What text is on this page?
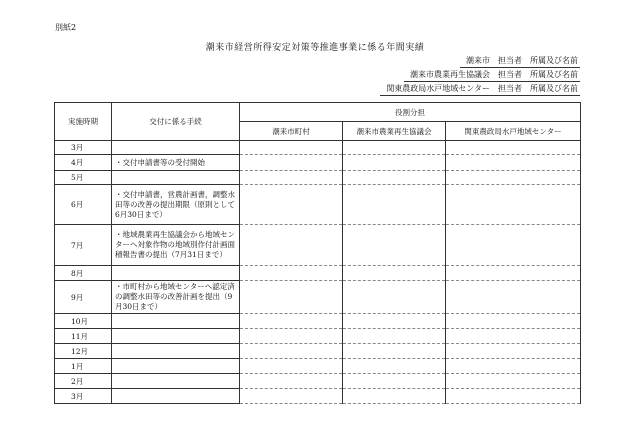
別紙2
潮来市経営所得安定対策等推進事業に係る年間実績
潮来市　担当者　所属及び名前
潮来市農業再生協議会　担当者　所属及び名前
関東農政局水戸地域センター　担当者　所属及び名前
実施時期	交付に係る手続	役割分担		
		潮来市町村	潮来市農業再生協議会	関東農政局水戸地域センター
3月				
4月	・交付申請書等の受付開始			
5月				
6月	・交付申請書，営農計画書，調整水田等の改善の提出期限（原則として6月30日まで）			
7月	・地域農業再生協議会から地域センターへ対象作物の地域別作付計画面積報告書の提出（7月31日まで）			
8月				
9月	・市町村から地域センターへ認定済の調整水田等の改善計画を提出（9月30日まで）			
10月				
11月				
12月				
1月				
2月				
3月				
